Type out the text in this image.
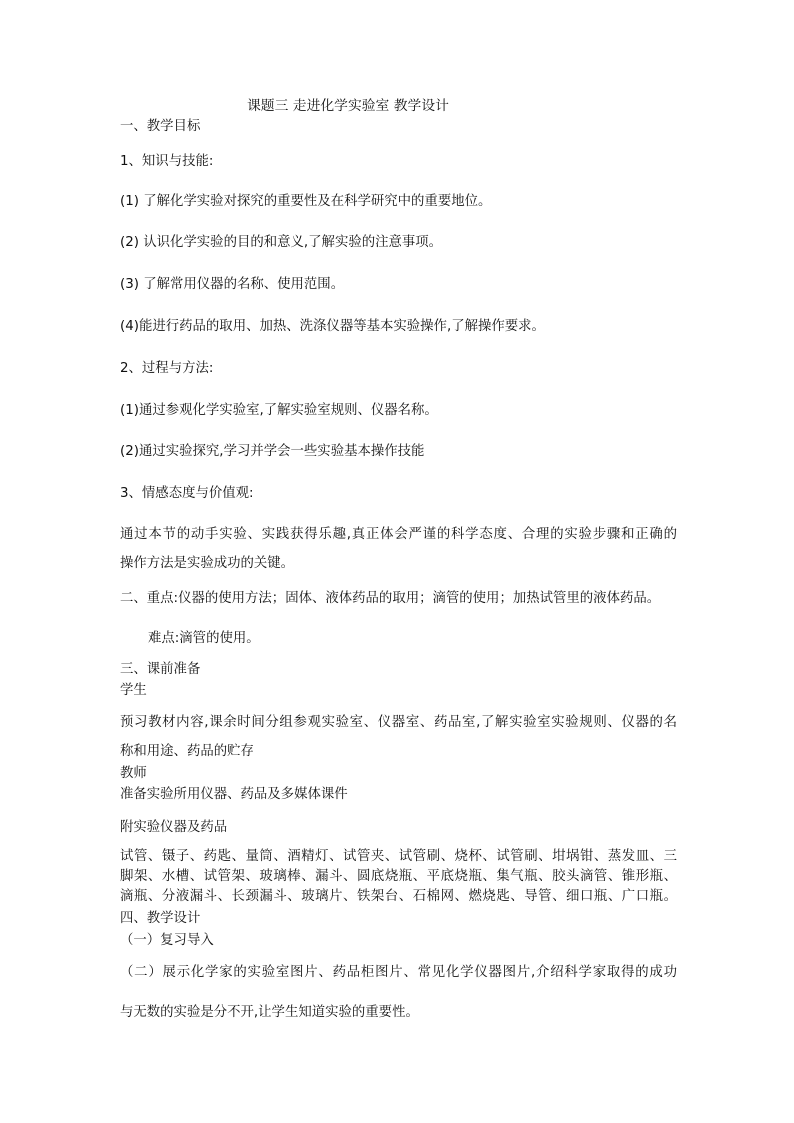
课题三 走进化学实验室 教学设计

一、教学目标

1、知识与技能:

(1) 了解化学实验对探究的重要性及在科学研究中的重要地位。

(2) 认识化学实验的目的和意义,了解实验的注意事项。

(3) 了解常用仪器的名称、使用范围。

(4)能进行药品的取用、加热、洗涤仪器等基本实验操作,了解操作要求。

2、过程与方法:

(1)通过参观化学实验室,了解实验室规则、仪器名称。

(2)通过实验探究,学习并学会一些实验基本操作技能

3、情感态度与价值观:

通过本节的动手实验、实践获得乐趣,真正体会严谨的科学态度、合理的实验步骤和正确的

操作方法是实验成功的关键。

二、重点:仪器的使用方法；固体、液体药品的取用；滴管的使用；加热试管里的液体药品。

难点:滴管的使用。

三、课前准备

学生

预习教材内容,课余时间分组参观实验室、仪器室、药品室,了解实验室实验规则、仪器的名

称和用途、药品的贮存

教师

准备实验所用仪器、药品及多媒体课件

附实验仪器及药品

试管、镊子、药匙、量筒、酒精灯、试管夹、试管刷、烧杯、试管刷、坩埚钳、蒸发皿、三

脚架、水槽、试管架、玻璃棒、漏斗、圆底烧瓶、平底烧瓶、集气瓶、胶头滴管、锥形瓶、

滴瓶、分液漏斗、长颈漏斗、玻璃片、铁架台、石棉网、燃烧匙、导管、细口瓶、广口瓶。

四、教学设计

（一）复习导入

（二）展示化学家的实验室图片、药品柜图片、常见化学仪器图片,介绍科学家取得的成功

与无数的实验是分不开,让学生知道实验的重要性。
